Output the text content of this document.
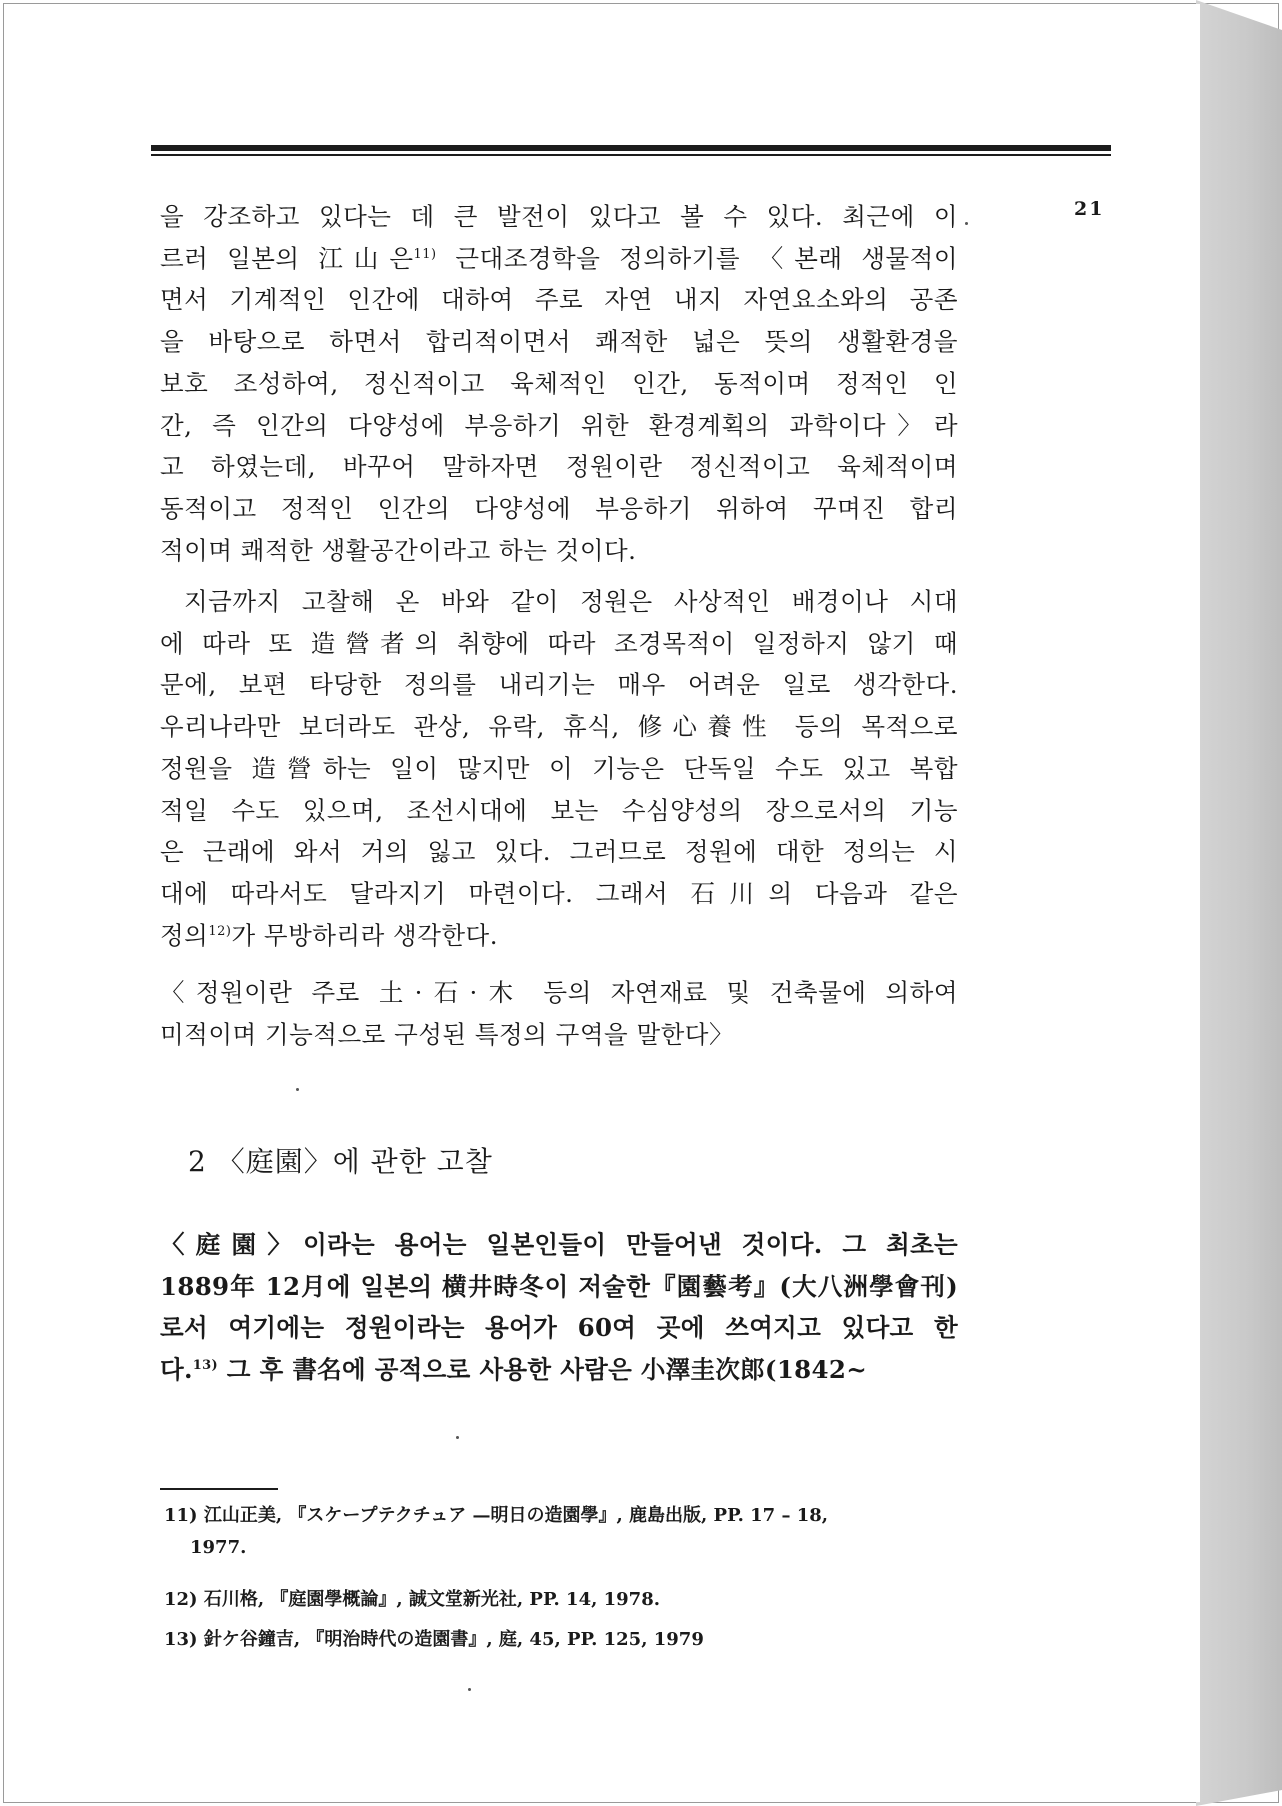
21
을 강조하고 있다는 데 큰 발전이 있다고 볼 수 있다. 최근에 이
르러 일본의 江山은$^{11)}$ 근대조경학을 정의하기를 〈본래 생물적이
면서 기계적인 인간에 대하여 주로 자연 내지 자연요소와의 공존
을 바탕으로 하면서 합리적이면서 쾌적한 넓은 뜻의 생활환경을
보호 조성하여, 정신적이고 육체적인 인간, 동적이며 정적인 인
간, 즉 인간의 다양성에 부응하기 위한 환경계획의 과학이다〉라
고 하였는데, 바꾸어 말하자면 정원이란 정신적이고 육체적이며
동적이고 정적인 인간의 다양성에 부응하기 위하여 꾸며진 합리
적이며 쾌적한 생활공간이라고 하는 것이다.
지금까지 고찰해 온 바와 같이 정원은 사상적인 배경이나 시대
에 따라 또 造營者의 취향에 따라 조경목적이 일정하지 않기 때
문에, 보편 타당한 정의를 내리기는 매우 어려운 일로 생각한다.
우리나라만 보더라도 관상, 유락, 휴식, 修心養性 등의 목적으로
정원을 造營하는 일이 많지만 이 기능은 단독일 수도 있고 복합
적일 수도 있으며, 조선시대에 보는 수심양성의 장으로서의 기능
은 근래에 와서 거의 잃고 있다. 그러므로 정원에 대한 정의는 시
대에 따라서도 달라지기 마련이다. 그래서 石川의 다음과 같은
정의$^{12)}$가 무방하리라 생각한다.
〈정원이란 주로 土·石·木 등의 자연재료 및 건축물에 의하여
미적이며 기능적으로 구성된 특정의 구역을 말한다〉
2 〈庭園〉에 관한 고찰
〈庭園〉이라는 용어는 일본인들이 만들어낸 것이다. 그 최초는
1889年 12月에 일본의 横井時冬이 저술한『園藝考』(大八洲學會刊)
로서 여기에는 정원이라는 용어가 60여 곳에 쓰여지고 있다고 한
다.$^{13)}$ 그 후 書名에 공적으로 사용한 사람은 小澤圭次郎(1842~
11) 江山正美, 『スケープテクチュア —明日の造園學』, 鹿島出版, PP. 17 – 18,
1977.
12) 石川格, 『庭園學概論』, 誠文堂新光社, PP. 14, 1978.
13) 針ケ谷鐘吉, 『明治時代の造園書』, 庭, 45, PP. 125, 1979
